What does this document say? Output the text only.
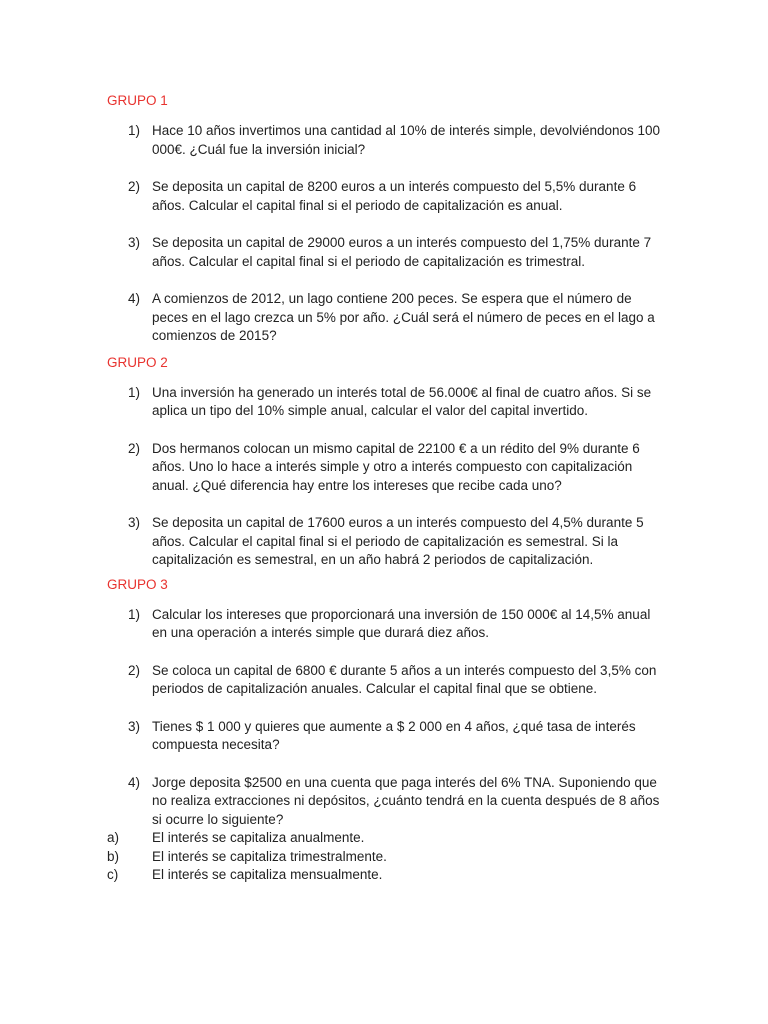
GRUPO 1
1) Hace 10 años invertimos una cantidad al 10% de interés simple, devolviéndonos 100 000€. ¿Cuál fue la inversión inicial?
2) Se deposita un capital de 8200 euros a un interés compuesto del 5,5% durante 6 años. Calcular el capital final si el periodo de capitalización es anual.
3) Se deposita un capital de 29000 euros a un interés compuesto del 1,75% durante 7 años. Calcular el capital final si el periodo de capitalización es trimestral.
4) A comienzos de 2012, un lago contiene 200 peces. Se espera que el número de peces en el lago crezca un 5% por año. ¿Cuál será el número de peces en el lago a comienzos de 2015?
GRUPO 2
1) Una inversión ha generado un interés total de 56.000€ al final de cuatro años. Si se aplica un tipo del 10% simple anual, calcular el valor del capital invertido.
2) Dos hermanos colocan un mismo capital de 22100 € a un rédito del 9% durante 6 años. Uno lo hace a interés simple y otro a interés compuesto con capitalización anual. ¿Qué diferencia hay entre los intereses que recibe cada uno?
3) Se deposita un capital de 17600 euros a un interés compuesto del 4,5% durante 5 años. Calcular el capital final si el periodo de capitalización es semestral. Si la capitalización es semestral, en un año habrá 2 periodos de capitalización.
GRUPO 3
1) Calcular los intereses que proporcionará una inversión de 150 000€ al 14,5% anual en una operación a interés simple que durará diez años.
2) Se coloca un capital de 6800 € durante 5 años a un interés compuesto del 3,5% con periodos de capitalización anuales. Calcular el capital final que se obtiene.
3) Tienes $ 1 000 y quieres que aumente a $ 2 000 en 4 años, ¿qué tasa de interés compuesta necesita?
4) Jorge deposita $2500 en una cuenta que paga interés del 6% TNA. Suponiendo que no realiza extracciones ni depósitos, ¿cuánto tendrá en la cuenta después de 8 años si ocurre lo siguiente?
a) El interés se capitaliza anualmente.
b) El interés se capitaliza trimestralmente.
c)	El interés se capitaliza mensualmente.
